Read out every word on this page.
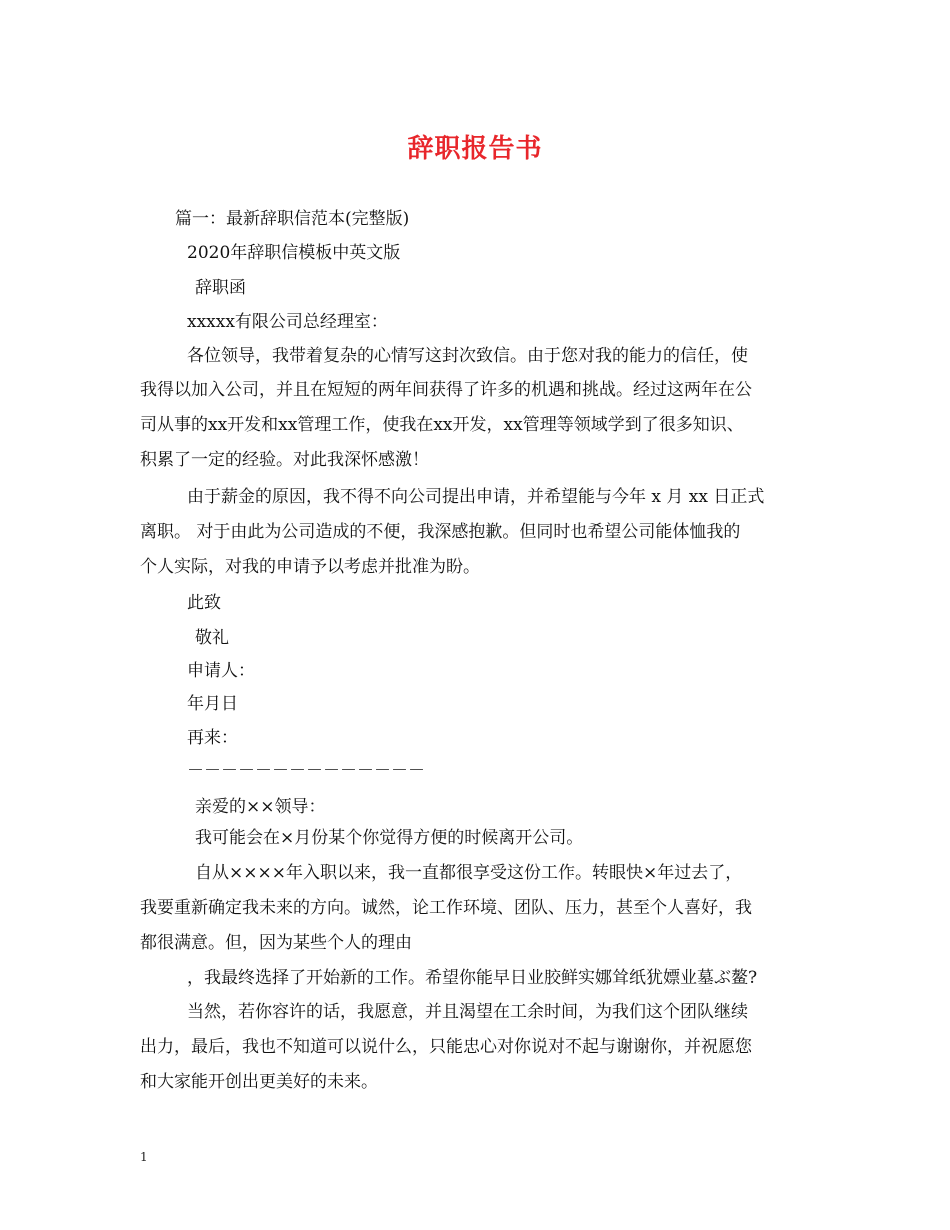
辞职报告书
篇一：最新辞职信范本(完整版)
2020年辞职信模板中英文版
辞职函
xxxxx有限公司总经理室：
各位领导，我带着复杂的心情写这封次致信。由于您对我的能力的信任，使
我得以加入公司，并且在短短的两年间获得了许多的机遇和挑战。经过这两年在公
司从事的xx开发和xx管理工作，使我在xx开发，xx管理等领域学到了很多知识、
积累了一定的经验。对此我深怀感激！
由于薪金的原因，我不得不向公司提出申请，并希望能与今年 x 月 xx 日正式
离职。 对于由此为公司造成的不便，我深感抱歉。但同时也希望公司能体恤我的
个人实际，对我的申请予以考虑并批准为盼。
此致
敬礼
申请人：
年月日
再来：
－－－－－－－－－－－－－－
亲爱的××领导：
我可能会在×月份某个你觉得方便的时候离开公司。
自从××××年入职以来，我一直都很享受这份工作。转眼快×年过去了，
我要重新确定我未来的方向。诚然，论工作环境、团队、压力，甚至个人喜好，我
都很满意。但，因为某些个人的理由
，我最终选择了开始新的工作。希望你能早日业胶鲜实娜耸纸犹嫖业墓ぶ鳌?
当然，若你容许的话，我愿意，并且渴望在工余时间，为我们这个团队继续
出力，最后，我也不知道可以说什么，只能忠心对你说对不起与谢谢你，并祝愿您
和大家能开创出更美好的未来。
1
